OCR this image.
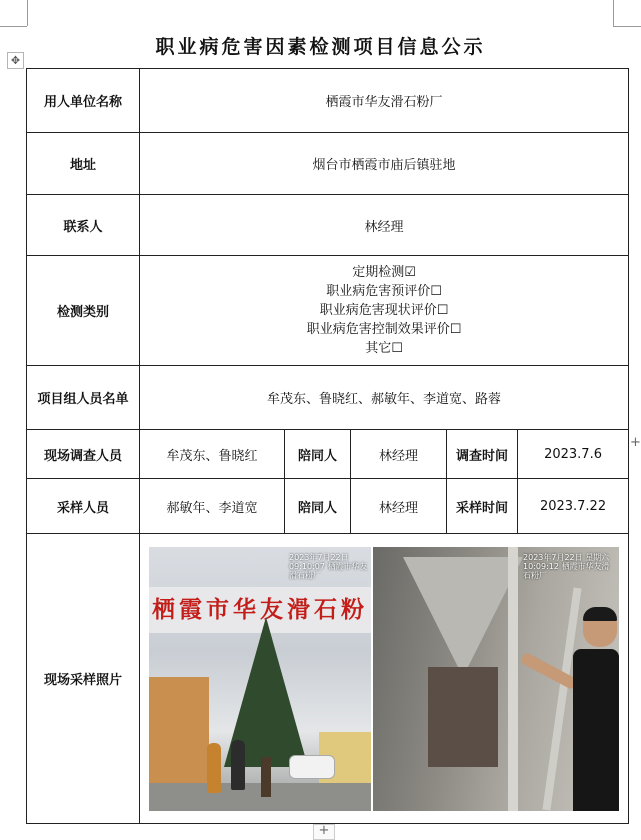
✥
+
+
职业病危害因素检测项目信息公示
用人单位名称	栖霞市华友滑石粉厂				
地址	烟台市栖霞市庙后镇驻地				
联系人	林经理				
检测类别	定期检测☑
职业病危害预评价☐
职业病危害现状评价☐
职业病危害控制效果评价☐
其它☐				

项目组人员名单	牟茂东、鲁晓红、郝敏年、李道宽、路蓉				
现场调查人员	牟茂东、鲁晓红	陪同人	林经理	调查时间	2023.7.6
采样人员	郝敏年、李道宽	陪同人	林经理	采样时间	2023.7.22
现场采样照片	栖霞市华友滑石粉
2023年7月22日 09:10:07 栖霞市华友滑石粉厂
2023年7月22日 星期六 10:09:12 栖霞市华友滑石粉厂				
